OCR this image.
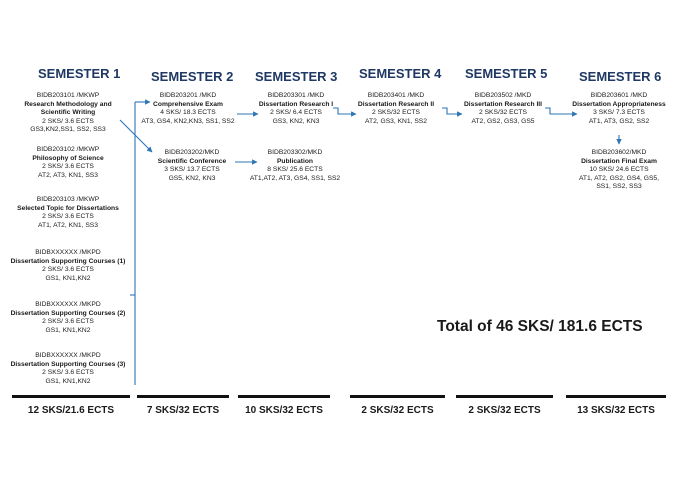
SEMESTER 1 SEMESTER 2 SEMESTER 3 SEMESTER 4 SEMESTER 5 SEMESTER 6
BIDB203101 /MKWP
Research Methodology and Scientific Writing
2 SKS/ 3.6 ECTS
GS3,KN2,SS1, SS2, SS3
BIDB203102 /MKWP
Philosophy of Science
2 SKS/ 3.6 ECTS
AT2, AT3, KN1, SS3
BIDB203103 /MKWP
Selected Topic for Dissertations
2 SKS/ 3.6 ECTS
AT1, AT2, KN1, SS3
BIDBXXXXXX /MKPD
Dissertation Supporting Courses (1)
2 SKS/ 3.6 ECTS
GS1, KN1,KN2
BIDBXXXXXX /MKPD
Dissertation Supporting Courses (2)
2 SKS/ 3.6 ECTS
GS1, KN1,KN2
BIDBXXXXXX /MKPD
Dissertation Supporting Courses (3)
2 SKS/ 3.6 ECTS
GS1, KN1,KN2
BIDB203201 /MKD
Comprehensive Exam
4 SKS/ 18.3 ECTS
AT3, GS4, KN2,KN3, SS1, SS2
BIDB203202/MKD
Scientific Conference
3 SKS/ 13.7 ECTS
GS5, KN2, KN3
BIDB203301 /MKD
Dissertation Research I
2 SKS/ 6.4 ECTS
GS3, KN2, KN3
BIDB203302/MKD
Publication
8 SKS/ 25.6 ECTS
AT1,AT2, AT3, GS4, SS1, SS2
BIDB203401 /MKD
Dissertation Research II
2 SKS/32 ECTS
AT2, GS3, KN1, SS2
BIDB203502 /MKD
Dissertation Research III
2 SKS/32 ECTS
AT2, GS2, GS3, GS5
BIDB203601 /MKD
Dissertation Appropriateness
3 SKS/ 7.3 ECTS
AT1, AT3, GS2, SS2
BIDB203602/MKD
Dissertation Final Exam
10 SKS/ 24.6 ECTS
AT1, AT2, GS2, GS4, GS5,
SS1, SS2, SS3
Total of 46 SKS/ 181.6 ECTS
12 SKS/21.6 ECTS	7 SKS/32 ECTS	10 SKS/32 ECTS	2 SKS/32 ECTS	2 SKS/32 ECTS	13 SKS/32 ECTS
